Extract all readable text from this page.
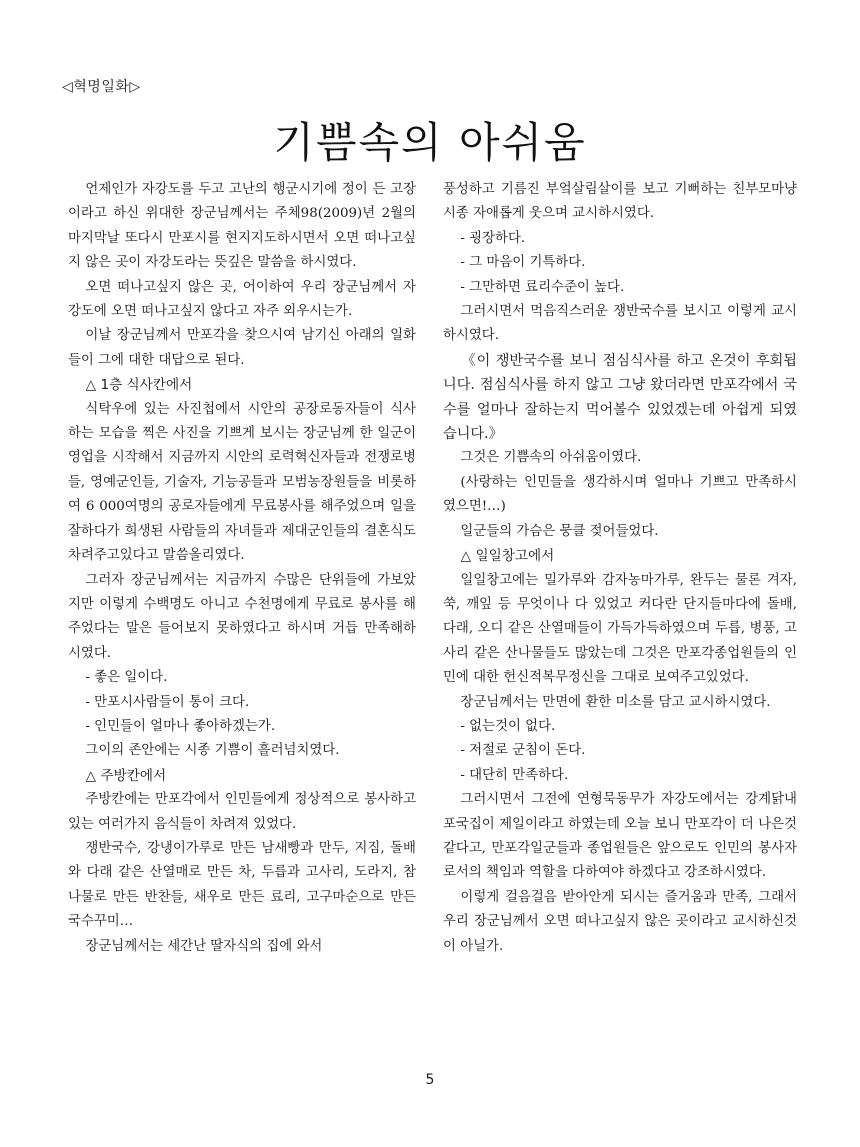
◁혁명일화▷
기쁨속의 아쉬움

언제인가 자강도를 두고 고난의 행군시기에 정이 든 고장이라고 하신 위대한 장군님께서는 주체98(2009)년 2월의 마지막날 또다시 만포시를 현지지도하시면서 오면 떠나고싶지 않은 곳이 자강도라는 뜻깊은 말씀을 하시였다.

오면 떠나고싶지 않은 곳, 어이하여 우리 장군님께서 자강도에 오면 떠나고싶지 않다고 자주 외우시는가.

이날 장군님께서 만포각을 찾으시여 남기신 아래의 일화들이 그에 대한 대답으로 된다.

△ 1층 식사칸에서

식탁우에 있는 사진첩에서 시안의 공장로동자들이 식사하는 모습을 찍은 사진을 기쁘게 보시는 장군님께 한 일군이 영업을 시작해서 지금까지 시안의 로력혁신자들과 전쟁로병들, 영예군인들, 기술자, 기능공들과 모범농장원들을 비롯하여 6 000여명의 공로자들에게 무료봉사를 해주었으며 일을 잘하다가 희생된 사람들의 자녀들과 제대군인들의 결혼식도 차려주고있다고 말씀올리였다.

그러자 장군님께서는 지금까지 수많은 단위들에 가보았지만 이렇게 수백명도 아니고 수천명에게 무료로 봉사를 해주었다는 말은 들어보지 못하였다고 하시며 거듭 만족해하시였다.

- 좋은 일이다.

- 만포시사람들이 통이 크다.

- 인민들이 얼마나 좋아하겠는가.

그이의 존안에는 시종 기쁨이 흘러넘치였다.

△ 주방칸에서

주방칸에는 만포각에서 인민들에게 정상적으로 봉사하고있는 여러가지 음식들이 차려져 있었다.

쟁반국수, 강냉이가루로 만든 남새빵과 만두, 지짐, 돌배와 다래 같은 산열매로 만든 차, 두릅과 고사리, 도라지, 참나물로 만든 반찬들, 새우로 만든 료리, 고구마순으로 만든 국수꾸미…

장군님께서는 세간난 딸자식의 집에 와서

풍성하고 기름진 부엌살림살이를 보고 기뻐하는 친부모마냥 시종 자애롭게 웃으며 교시하시였다.

- 굉장하다.

- 그 마음이 기특하다.

- 그만하면 료리수준이 높다.

그러시면서 먹음직스러운 쟁반국수를 보시고 이렇게 교시하시였다.

《이 쟁반국수를 보니 점심식사를 하고 온것이 후회됩니다. 점심식사를 하지 않고 그냥 왔더라면 만포각에서 국수를 얼마나 잘하는지 먹어볼수 있었겠는데 아쉽게 되였습니다.》

그것은 기쁨속의 아쉬움이였다.

(사랑하는 인민들을 생각하시며 얼마나 기쁘고 만족하시였으면!…)

일군들의 가슴은 뭉클 젖어들었다.

△ 일일창고에서

일일창고에는 밀가루와 감자농마가루, 완두는 물론 겨자, 쑥, 깨잎 등 무엇이나 다 있었고 커다란 단지들마다에 돌배, 다래, 오디 같은 산열매들이 가득가득하였으며 두릅, 병풍, 고사리 같은 산나물들도 많았는데 그것은 만포각종업원들의 인민에 대한 헌신적복무정신을 그대로 보여주고있었다.

장군님께서는 만면에 환한 미소를 담고 교시하시였다.

- 없는것이 없다.

- 저절로 군침이 돈다.

- 대단히 만족하다.

그러시면서 그전에 연형묵동무가 자강도에서는 강계닭내포국집이 제일이라고 하였는데 오늘 보니 만포각이 더 나은것 같다고, 만포각일군들과 종업원들은 앞으로도 인민의 봉사자로서의 책임과 역할을 다하여야 하겠다고 강조하시였다.

이렇게 걸음걸음 받아안게 되시는 즐거움과 만족, 그래서 우리 장군님께서 오면 떠나고싶지 않은 곳이라고 교시하신것이 아닐가.

5
